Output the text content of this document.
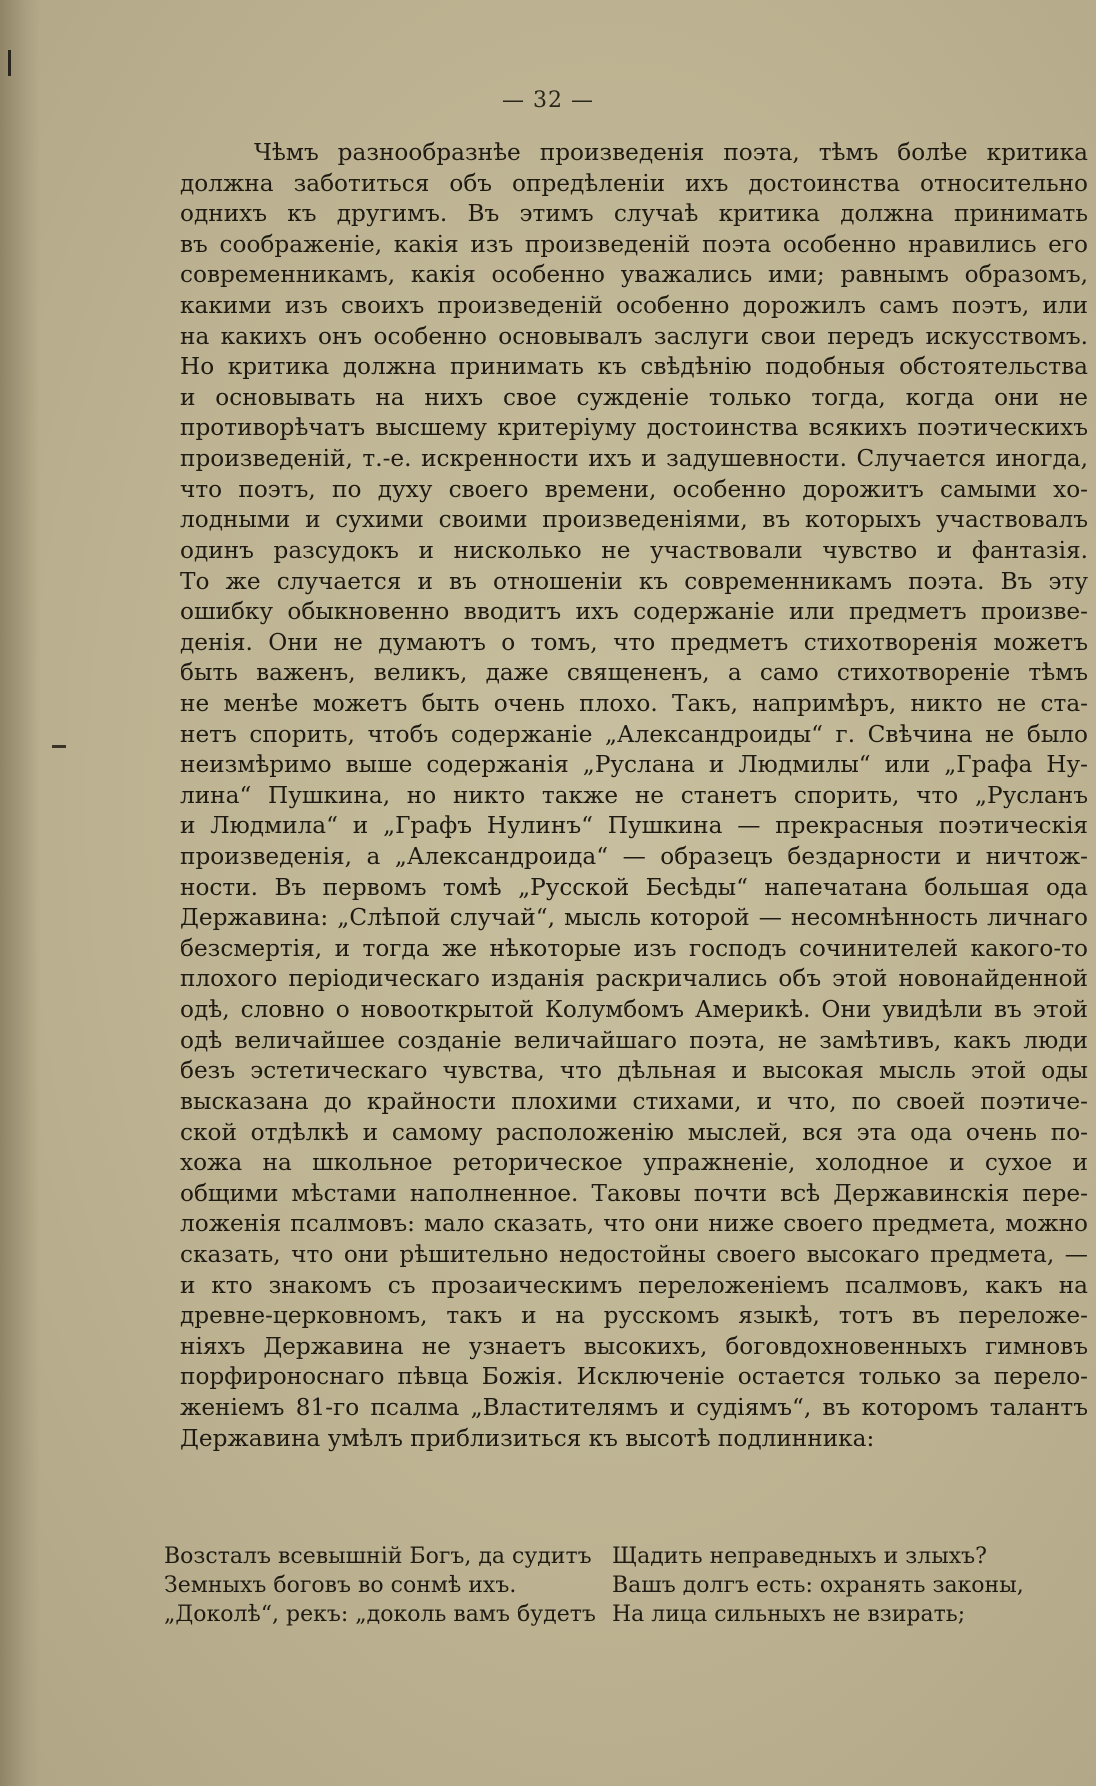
— 32 —
Чѣмъ разнообразнѣе произведенія поэта, тѣмъ болѣе критика
должна заботиться объ опредѣленіи ихъ достоинства относительно
однихъ къ другимъ. Въ этимъ случаѣ критика должна принимать
въ соображеніе, какія изъ произведеній поэта особенно нравились его
современникамъ, какія особенно уважались ими; равнымъ образомъ,
какими изъ своихъ произведеній особенно дорожилъ самъ поэтъ, или
на какихъ онъ особенно основывалъ заслуги свои передъ искусствомъ.
Но критика должна принимать къ свѣдѣнію подобныя обстоятельства
и основывать на нихъ свое сужденіе только тогда, когда они не
противорѣчатъ высшему критеріуму достоинства всякихъ поэтическихъ
произведеній, т.-е. искренности ихъ и задушевности. Случается иногда,
что поэтъ, по духу своего времени, особенно дорожитъ самыми хо-
лодными и сухими своими произведеніями, въ которыхъ участвовалъ
одинъ разсудокъ и нисколько не участвовали чувство и фантазія.
То же случается и въ отношеніи къ современникамъ поэта. Въ эту
ошибку обыкновенно вводитъ ихъ содержаніе или предметъ произве-
денія. Они не думаютъ о томъ, что предметъ стихотворенія можетъ
быть важенъ, великъ, даже священенъ, а само стихотвореніе тѣмъ
не менѣе можетъ быть очень плохо. Такъ, напримѣръ, никто не ста-
нетъ спорить, чтобъ содержаніе „Александроиды“ г. Свѣчина не было
неизмѣримо выше содержанія „Руслана и Людмилы“ или „Графа Ну-
лина“ Пушкина, но никто также не станетъ спорить, что „Русланъ
и Людмила“ и „Графъ Нулинъ“ Пушкина — прекрасныя поэтическія
произведенія, а „Александроида“ — образецъ бездарности и ничтож-
ности. Въ первомъ томѣ „Русской Бесѣды“ напечатана большая ода
Державина: „Слѣпой случай“, мысль которой — несомнѣнность личнаго
безсмертія, и тогда же нѣкоторые изъ господъ сочинителей какого-то
плохого періодическаго изданія раскричались объ этой новонайденной
одѣ, словно о новооткрытой Колумбомъ Америкѣ. Они увидѣли въ этой
одѣ величайшее созданіе величайшаго поэта, не замѣтивъ, какъ люди
безъ эстетическаго чувства, что дѣльная и высокая мысль этой оды
высказана до крайности плохими стихами, и что, по своей поэтиче-
ской отдѣлкѣ и самому расположенію мыслей, вся эта ода очень по-
хожа на школьное реторическое упражненіе, холодное и сухое и
общими мѣстами наполненное. Таковы почти всѣ Державинскія пере-
ложенія псалмовъ: мало сказать, что они ниже своего предмета, можно
сказать, что они рѣшительно недостойны своего высокаго предмета, —
и кто знакомъ съ прозаическимъ переложеніемъ псалмовъ, какъ на
древне-церковномъ, такъ и на русскомъ языкѣ, тотъ въ переложе-
ніяхъ Державина не узнаетъ высокихъ, боговдохновенныхъ гимновъ
порфироноснаго пѣвца Божія. Исключеніе остается только за перело-
женіемъ 81-го псалма „Властителямъ и судіямъ“, въ которомъ талантъ
Державина умѣлъ приблизиться къ высотѣ подлинника:
Возсталъ всевышній Богъ, да судитъ
Земныхъ боговъ во сонмѣ ихъ.
„Доколѣ“, рекъ: „доколь вамъ будетъ
Щадить неправедныхъ и злыхъ?
Вашъ долгъ есть: охранять законы,
На лица сильныхъ не взирать;
